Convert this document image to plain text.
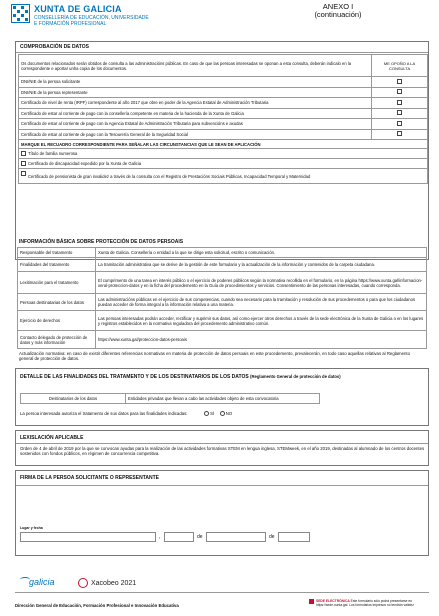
XUNTA DE GALICIA
CONSELLERÍA DE EDUCACIÓN, UNIVERSIDADE
E FORMACIÓN PROFESIONAL
ANEXO I
(continuación)
COMPROBACIÓN DE DATOS
Os documentos relacionados serán obtidos de consulta a las administracións públicas. En caso de que las persoas interesadas se oponan a esta consulta, deberán indicalo en la correspondente e aportar unha copia de los documentos.	ME OPOÑO A LA CONSULTA
DNI/NIE de la persoa solicitante	
DNI/NIE de la persoa representante	
Certificado de nivel de renta (IRPF) correspondente al año 2017 que obre en poder de la Agencia Estatal de Administración Tributaria	
Certificado de estar al corriente de pago con la consellería competente en materia de la hacienda de la Xunta de Galicia	
Certificado de estar al corriente de pago con la Agencia Estatal de Administración Tributaria para subvencións e axudas	
Certificado de estar al corriente de pago con la Tesourería General de la Seguridad Social	
MARQUE EL RECUADRO CORRESPONDIENTE PARA SEÑALAR LAS CIRCUNSTANCIAS QUE LE SEAN DE APLICACIÓN	
Título de familia numerosa	
Certificado de discapacidad expedido por la Xunta de Galicia	

Certificado de pensionista de gran invalidez a través de la consulta con el Registro de Prestacións Sociais Públicas, Incapacidad Temporal y Maternidad	
INFORMACIÓN BÁSICA SOBRE PROTECCIÓN DE DATOS PERSOAIS
Responsable del tratamento	Xunta de Galicia. Consellería o entidad a la que se dirige esta solicitud, escrito o comunicación.
Finalidades del tratamento	La tramitación administrativa que se derive de la gestión de este formulario y la actualización de la información y contenidos de la carpeta ciudadana.
Lexitimación para el tratamento	El cumprimento de una tarea en interés público o el ejercicio de poderes públicos según la normativa recollida en el formulario, en la página https://www.xunta.gal/informacion-xeral-proteccion-datos y en la ficha del procedemento en la Guía de procedimientos y servicios. Consentimiento de las personas interesadas, cuando corresponda.
Persoas destinatarias de los datos	Las administracións públicas en el ejercicio de sus competencias, cuando sea necesario para la tramitación y resolución de sus procedementos o para que los ciudadanos puedan acceder de forma integral a la información relativa a una materia.
Ejercicio de derechos	Las persoas interesadas podrán acceder, rectificar y suprimir sus datos, así como ejercer otros derechos a través de la sede electrónica de la Xunta de Galicia o en los lugares y registros establecidos en la normativa reguladora del procedemento administrativo común.
Contacto delegado de protección de datos y más información	https://www.xunta.gal/proteccion-datos-persoais
Actualización normativa: en caso de existir diferentes referencias normativas en materia de protección de datos persoais en este procedemento, prevalecerán, en todo caso aquellas relativas al Reglamento general de protección de datos.
DETALLE DE LAS FINALIDADES DEL TRATAMENTO Y DE LOS DESTINATARIOS DE LOS DATOS (Reglamento General de protección de datos)
Destinatarios de los datos	Entidades privadas que llevan a cabo las actividades objeto de esta convocatoria
La persoa interesada autoriza el tratamento de sus datos para las finalidades indicadas:	SÍ	NO
LEXISLACIÓN APLICABLE
Orden de 4 de abril de 2019 por la que se convocan ayudas para la realización de las actividades formativas STEM en lengua inglesa, STEMweek, en el año 2019, destinadas al alumnado de los centros docentes sostenidos con fondos públicos, en régimen de concurrencia competitiva.
FIRMA DE LA PERSOA SOLICITANTE O REPRESENTANTE
Lugar y fecha
,	de	de
galicia	Xacobeo 2021
Dirección General de Educación, Formación Profesional e Innovación Educativa
SEDE ELECTRÓNICA Este formulario sólo podrá presentarse en
https://sede.xunta.gal. Los formularios impresos no tendrán validez
